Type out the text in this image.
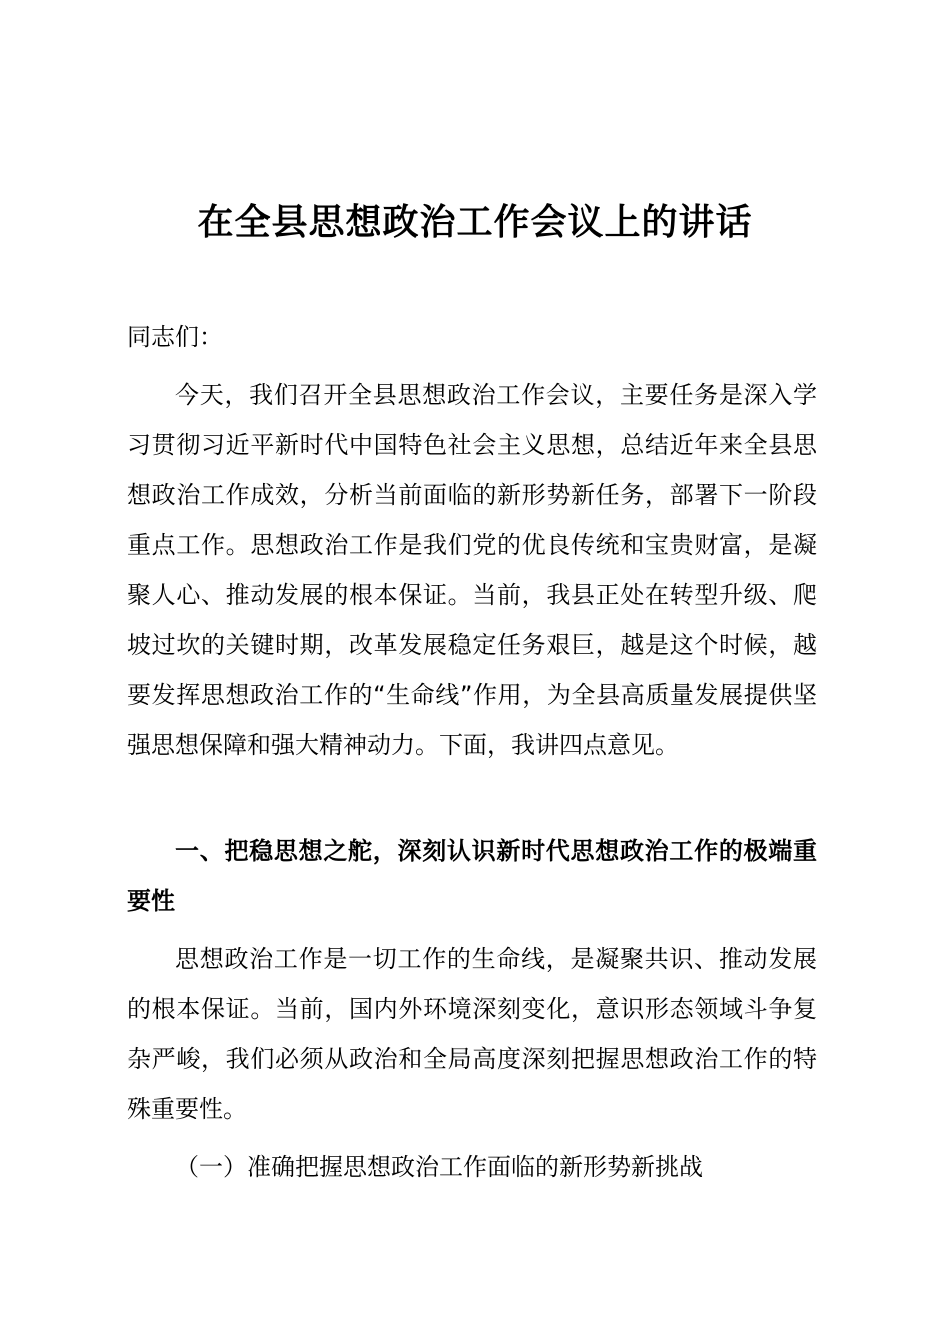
在全县思想政治工作会议上的讲话

同志们：

今天，我们召开全县思想政治工作会议，主要任务是深入学习贯彻习近平新时代中国特色社会主义思想，总结近年来全县思想政治工作成效，分析当前面临的新形势新任务，部署下一阶段重点工作。思想政治工作是我们党的优良传统和宝贵财富，是凝聚人心、推动发展的根本保证。当前，我县正处在转型升级、爬坡过坎的关键时期，改革发展稳定任务艰巨，越是这个时候，越要发挥思想政治工作的“生命线”作用，为全县高质量发展提供坚强思想保障和强大精神动力。下面，我讲四点意见。

一、把稳思想之舵，深刻认识新时代思想政治工作的极端重要性

思想政治工作是一切工作的生命线，是凝聚共识、推动发展的根本保证。当前，国内外环境深刻变化，意识形态领域斗争复杂严峻，我们必须从政治和全局高度深刻把握思想政治工作的特殊重要性。

（一）准确把握思想政治工作面临的新形势新挑战
